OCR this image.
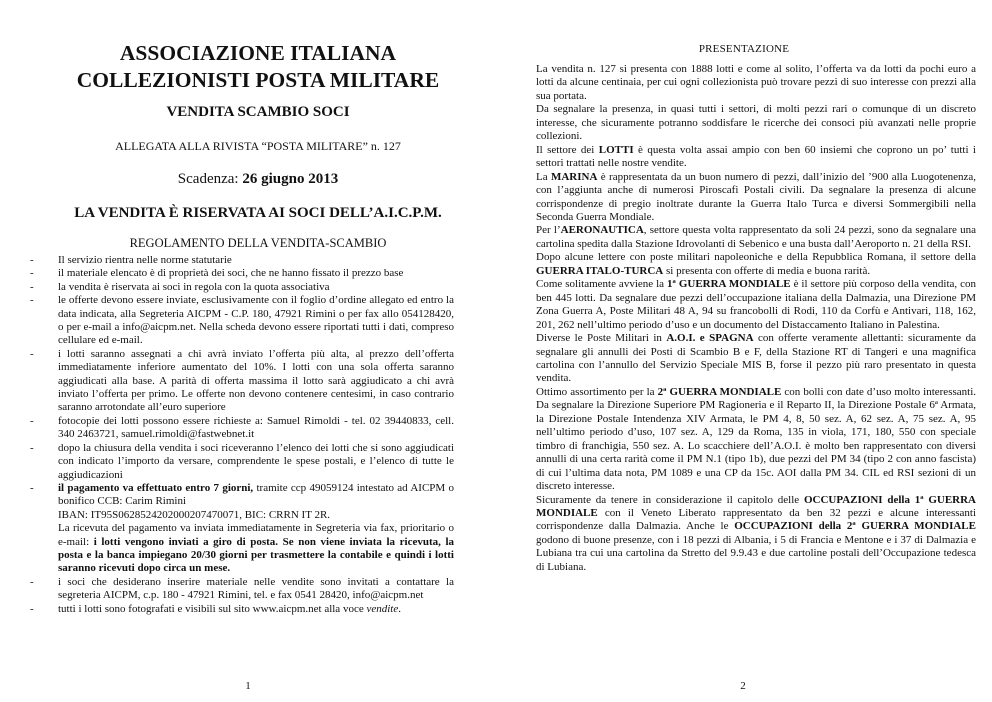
ASSOCIAZIONE ITALIANA
COLLEZIONISTI POSTA MILITARE

VENDITA SCAMBIO SOCI

ALLEGATA ALLA RIVISTA “POSTA MILITARE” n. 127

Scadenza: 26 giugno 2013

LA VENDITA È RISERVATA AI SOCI DELL’A.I.C.P.M.

REGOLAMENTO DELLA VENDITA-SCAMBIO

- Il servizio rientra nelle norme statutarie
- il materiale elencato è di proprietà dei soci, che ne hanno fissato il prezzo base
- la vendita è riservata ai soci in regola con la quota associativa
- le offerte devono essere inviate, esclusivamente con il foglio d’ordine allegato ed entro la data indicata, alla Segreteria AICPM - C.P. 180, 47921 Rimini o per fax allo 054128420, o per e-mail a info@aicpm.net. Nella scheda devono essere riportati tutti i dati, compreso cellulare ed e-mail.
- i lotti saranno assegnati a chi avrà inviato l’offerta più alta, al prezzo dell’offerta immediatamente inferiore aumentato del 10%. I lotti con una sola offerta saranno aggiudicati alla base. A parità di offerta massima il lotto sarà aggiudicato a chi avrà inviato l’offerta per primo. Le offerte non devono contenere centesimi, in caso contrario saranno arrotondate all’euro superiore
- fotocopie dei lotti possono essere richieste a: Samuel Rimoldi - tel. 02 39440833, cell. 340 2463721, samuel.rimoldi@fastwebnet.it
- dopo la chiusura della vendita i soci riceveranno l’elenco dei lotti che si sono aggiudicati con indicato l’importo da versare, comprendente le spese postali, e l’elenco di tutte le aggiudicazioni
- il pagamento va effettuato entro 7 giorni, tramite ccp 49059124 intestato ad AICPM o bonifico CCB: Carim Rimini
IBAN: IT95S0628524202000207470071, BIC: CRRN IT 2R.
La ricevuta del pagamento va inviata immediatamente in Segreteria via fax, prioritario o e-mail: i lotti vengono inviati a giro di posta. Se non viene inviata la ricevuta, la posta e la banca impiegano 20/30 giorni per trasmettere la contabile e quindi i lotti saranno ricevuti dopo circa un mese.
- i soci che desiderano inserire materiale nelle vendite sono invitati a contattare la segreteria AICPM, c.p. 180 - 47921 Rimini, tel. e fax 0541 28420, info@aicpm.net
- tutti i lotti sono fotografati e visibili sul sito www.aicpm.net alla voce vendite.

1

PRESENTAZIONE

La vendita n. 127 si presenta con 1888 lotti e come al solito, l’offerta va da lotti da pochi euro a lotti da alcune centinaia, per cui ogni collezionista può trovare pezzi di suo interesse con prezzi alla sua portata.

Da segnalare la presenza, in quasi tutti i settori, di molti pezzi rari o comunque di un discreto interesse, che sicuramente potranno soddisfare le ricerche dei consoci più avanzati nelle proprie collezioni.

Il settore dei LOTTI è questa volta assai ampio con ben 60 insiemi che coprono un po’ tutti i settori trattati nelle nostre vendite.

La MARINA è rappresentata da un buon numero di pezzi, dall’inizio del ’900 alla Luogotenenza, con l’aggiunta anche di numerosi Piroscafi Postali civili. Da segnalare la presenza di alcune corrispondenze di pregio inoltrate durante la Guerra Italo Turca e diversi Sommergibili nella Seconda Guerra Mondiale.

Per l’AERONAUTICA, settore questa volta rappresentato da soli 24 pezzi, sono da segnalare una cartolina spedita dalla Stazione Idrovolanti di Sebenico e una busta dall’Aeroporto n. 21 della RSI.

Dopo alcune lettere con poste militari napoleoniche e della Repubblica Romana, il settore della GUERRA ITALO-TURCA si presenta con offerte di media e buona rarità.

Come solitamente avviene la 1ª GUERRA MONDIALE è il settore più corposo della vendita, con ben 445 lotti. Da segnalare due pezzi dell’occupazione italiana della Dalmazia, una Direzione PM Zona Guerra A, Poste Militari 48 A, 94 su francobolli di Rodi, 110 da Corfù e Antivari, 118, 162, 201, 262 nell’ultimo periodo d’uso e un documento del Distaccamento Italiano in Palestina.

Diverse le Poste Militari in A.O.I. e SPAGNA con offerte veramente allettanti: sicuramente da segnalare gli annulli dei Posti di Scambio B e F, della Stazione RT di Tangeri e una magnifica cartolina con l’annullo del Servizio Speciale MIS B, forse il pezzo più raro presentato in questa vendita.

Ottimo assortimento per la 2ª GUERRA MONDIALE con bolli con date d’uso molto interessanti. Da segnalare la Direzione Superiore PM Ragioneria e il Reparto II, la Direzione Postale 6ª Armata, la Direzione Postale Intendenza XIV Armata, le PM 4, 8, 50 sez. A, 62 sez. A, 75 sez. A, 95 nell’ultimo periodo d’uso, 107 sez. A, 129 da Roma, 135 in viola, 171, 180, 550 con speciale timbro di franchigia, 550 sez. A. Lo scacchiere dell’A.O.I. è molto ben rappresentato con diversi annulli di una certa rarità come il PM N.1 (tipo 1b), due pezzi del PM 34 (tipo 2 con anno fascista) di cui l’ultima data nota, PM 1089 e una CP da 15c. AOI dalla PM 34. CIL ed RSI sezioni di un discreto interesse.

Sicuramente da tenere in considerazione il capitolo delle OCCUPAZIONI della 1ª GUERRA MONDIALE con il Veneto Liberato rappresentato da ben 32 pezzi e alcune interessanti corrispondenze dalla Dalmazia. Anche le OCCUPAZIONI della 2ª GUERRA MONDIALE godono di buone presenze, con i 18 pezzi di Albania, i 5 di Francia e Mentone e i 37 di Dalmazia e Lubiana tra cui una cartolina da Stretto del 9.9.43 e due cartoline postali dell’Occupazione tedesca di Lubiana.

2
